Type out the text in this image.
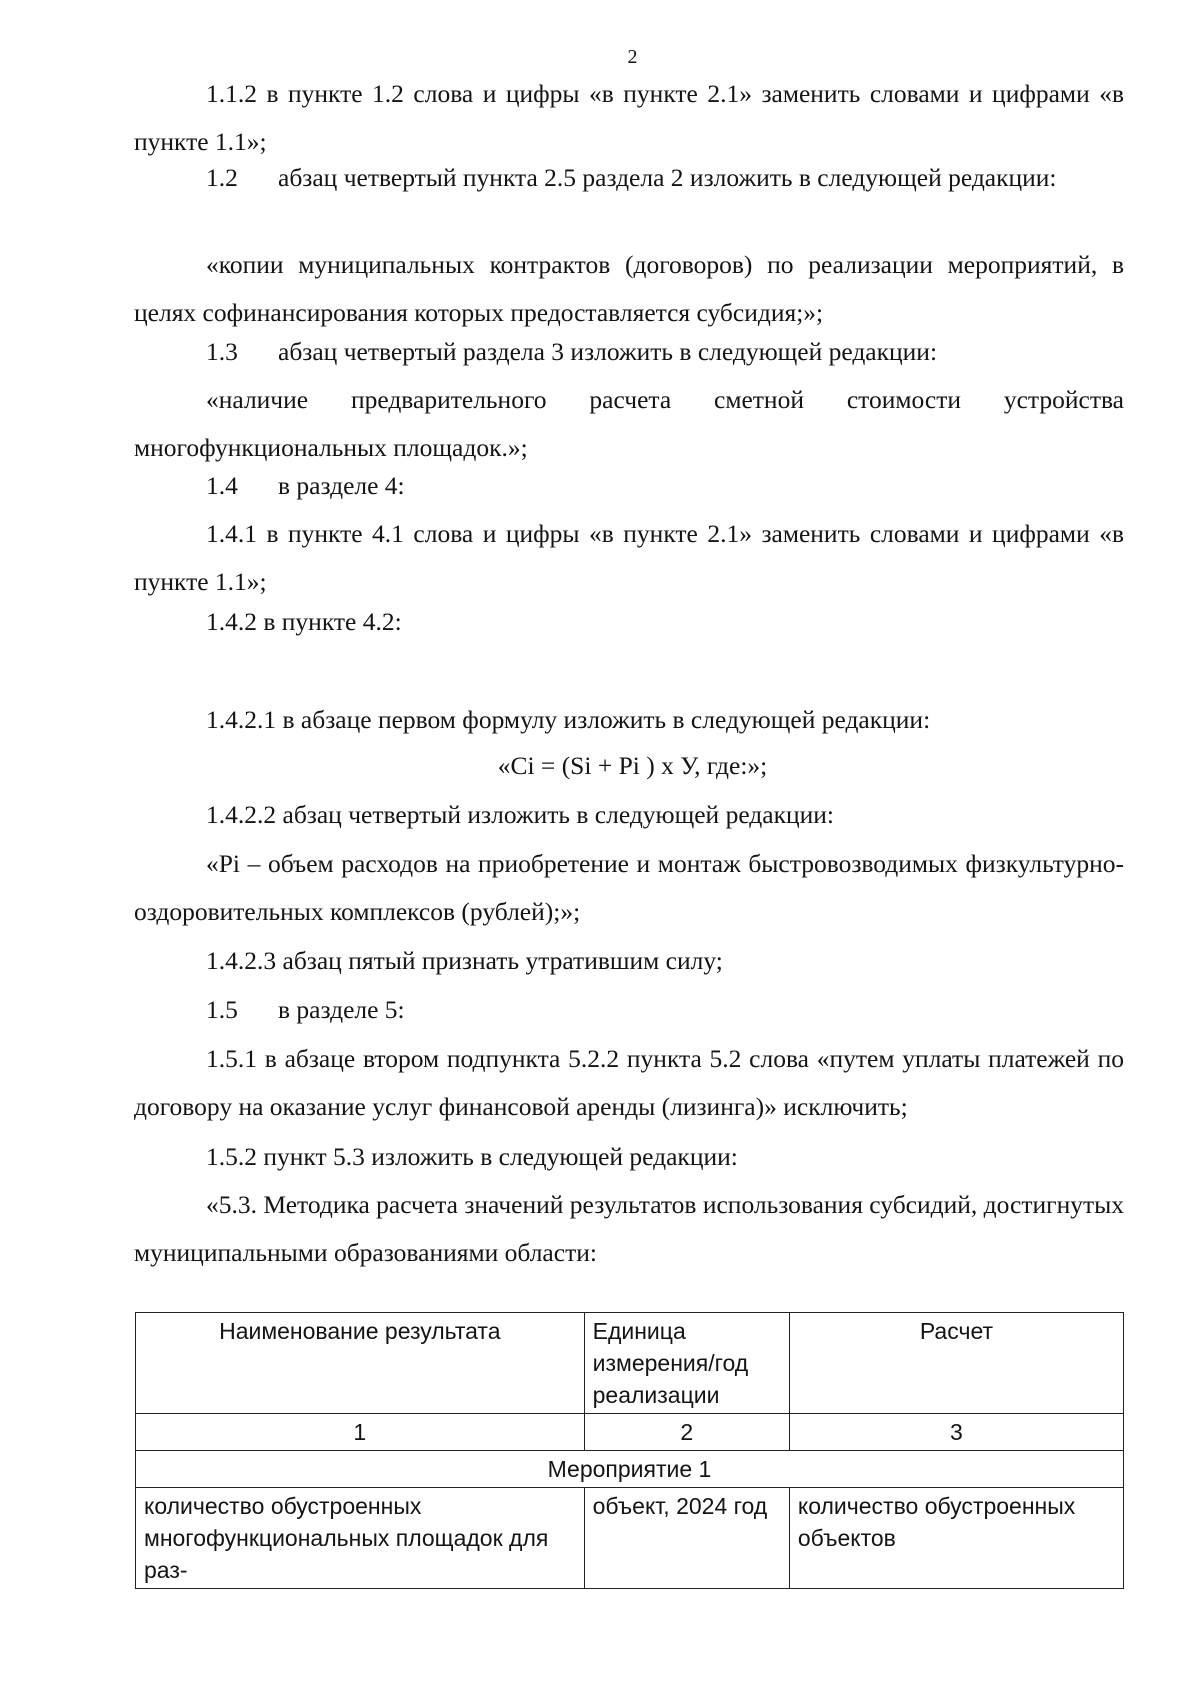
2

1.1.2 в пункте 1.2 слова и цифры «в пункте 2.1» заменить словами и цифрами «в пункте 1.1»;

1.2 абзац четвертый пункта 2.5 раздела 2 изложить в следующей редакции:

«копии муниципальных контрактов (договоров) по реализации мероприятий, в целях софинансирования которых предоставляется субсидия;»;

1.3 абзац четвертый раздела 3 изложить в следующей редакции:

«наличие предварительного расчета сметной стоимости устройства многофункциональных площадок.»;

1.4 в разделе 4:

1.4.1 в пункте 4.1 слова и цифры «в пункте 2.1» заменить словами и цифрами «в пункте 1.1»;

1.4.2 в пункте 4.2:

1.4.2.1 в абзаце первом формулу изложить в следующей редакции:

«Ci = (Si + Pi ) x У, где:»;

1.4.2.2 абзац четвертый изложить в следующей редакции:

«Pi – объем расходов на приобретение и монтаж быстровозводимых физкультурно-оздоровительных комплексов (рублей);»;

1.4.2.3 абзац пятый признать утратившим силу;

1.5 в разделе 5:

1.5.1 в абзаце втором подпункта 5.2.2 пункта 5.2 слова «путем уплаты платежей по договору на оказание услуг финансовой аренды (лизинга)» исключить;

1.5.2 пункт 5.3 изложить в следующей редакции:

«5.3. Методика расчета значений результатов использования субсидий, достигнутых муниципальными образованиями области:

Наименование результата	Единица измерения/год реализации	Расчет
1	2	3
Мероприятие 1		
количество обустроенных многофункциональных площадок для раз-	объект, 2024 год	количество обустроенных объектов
